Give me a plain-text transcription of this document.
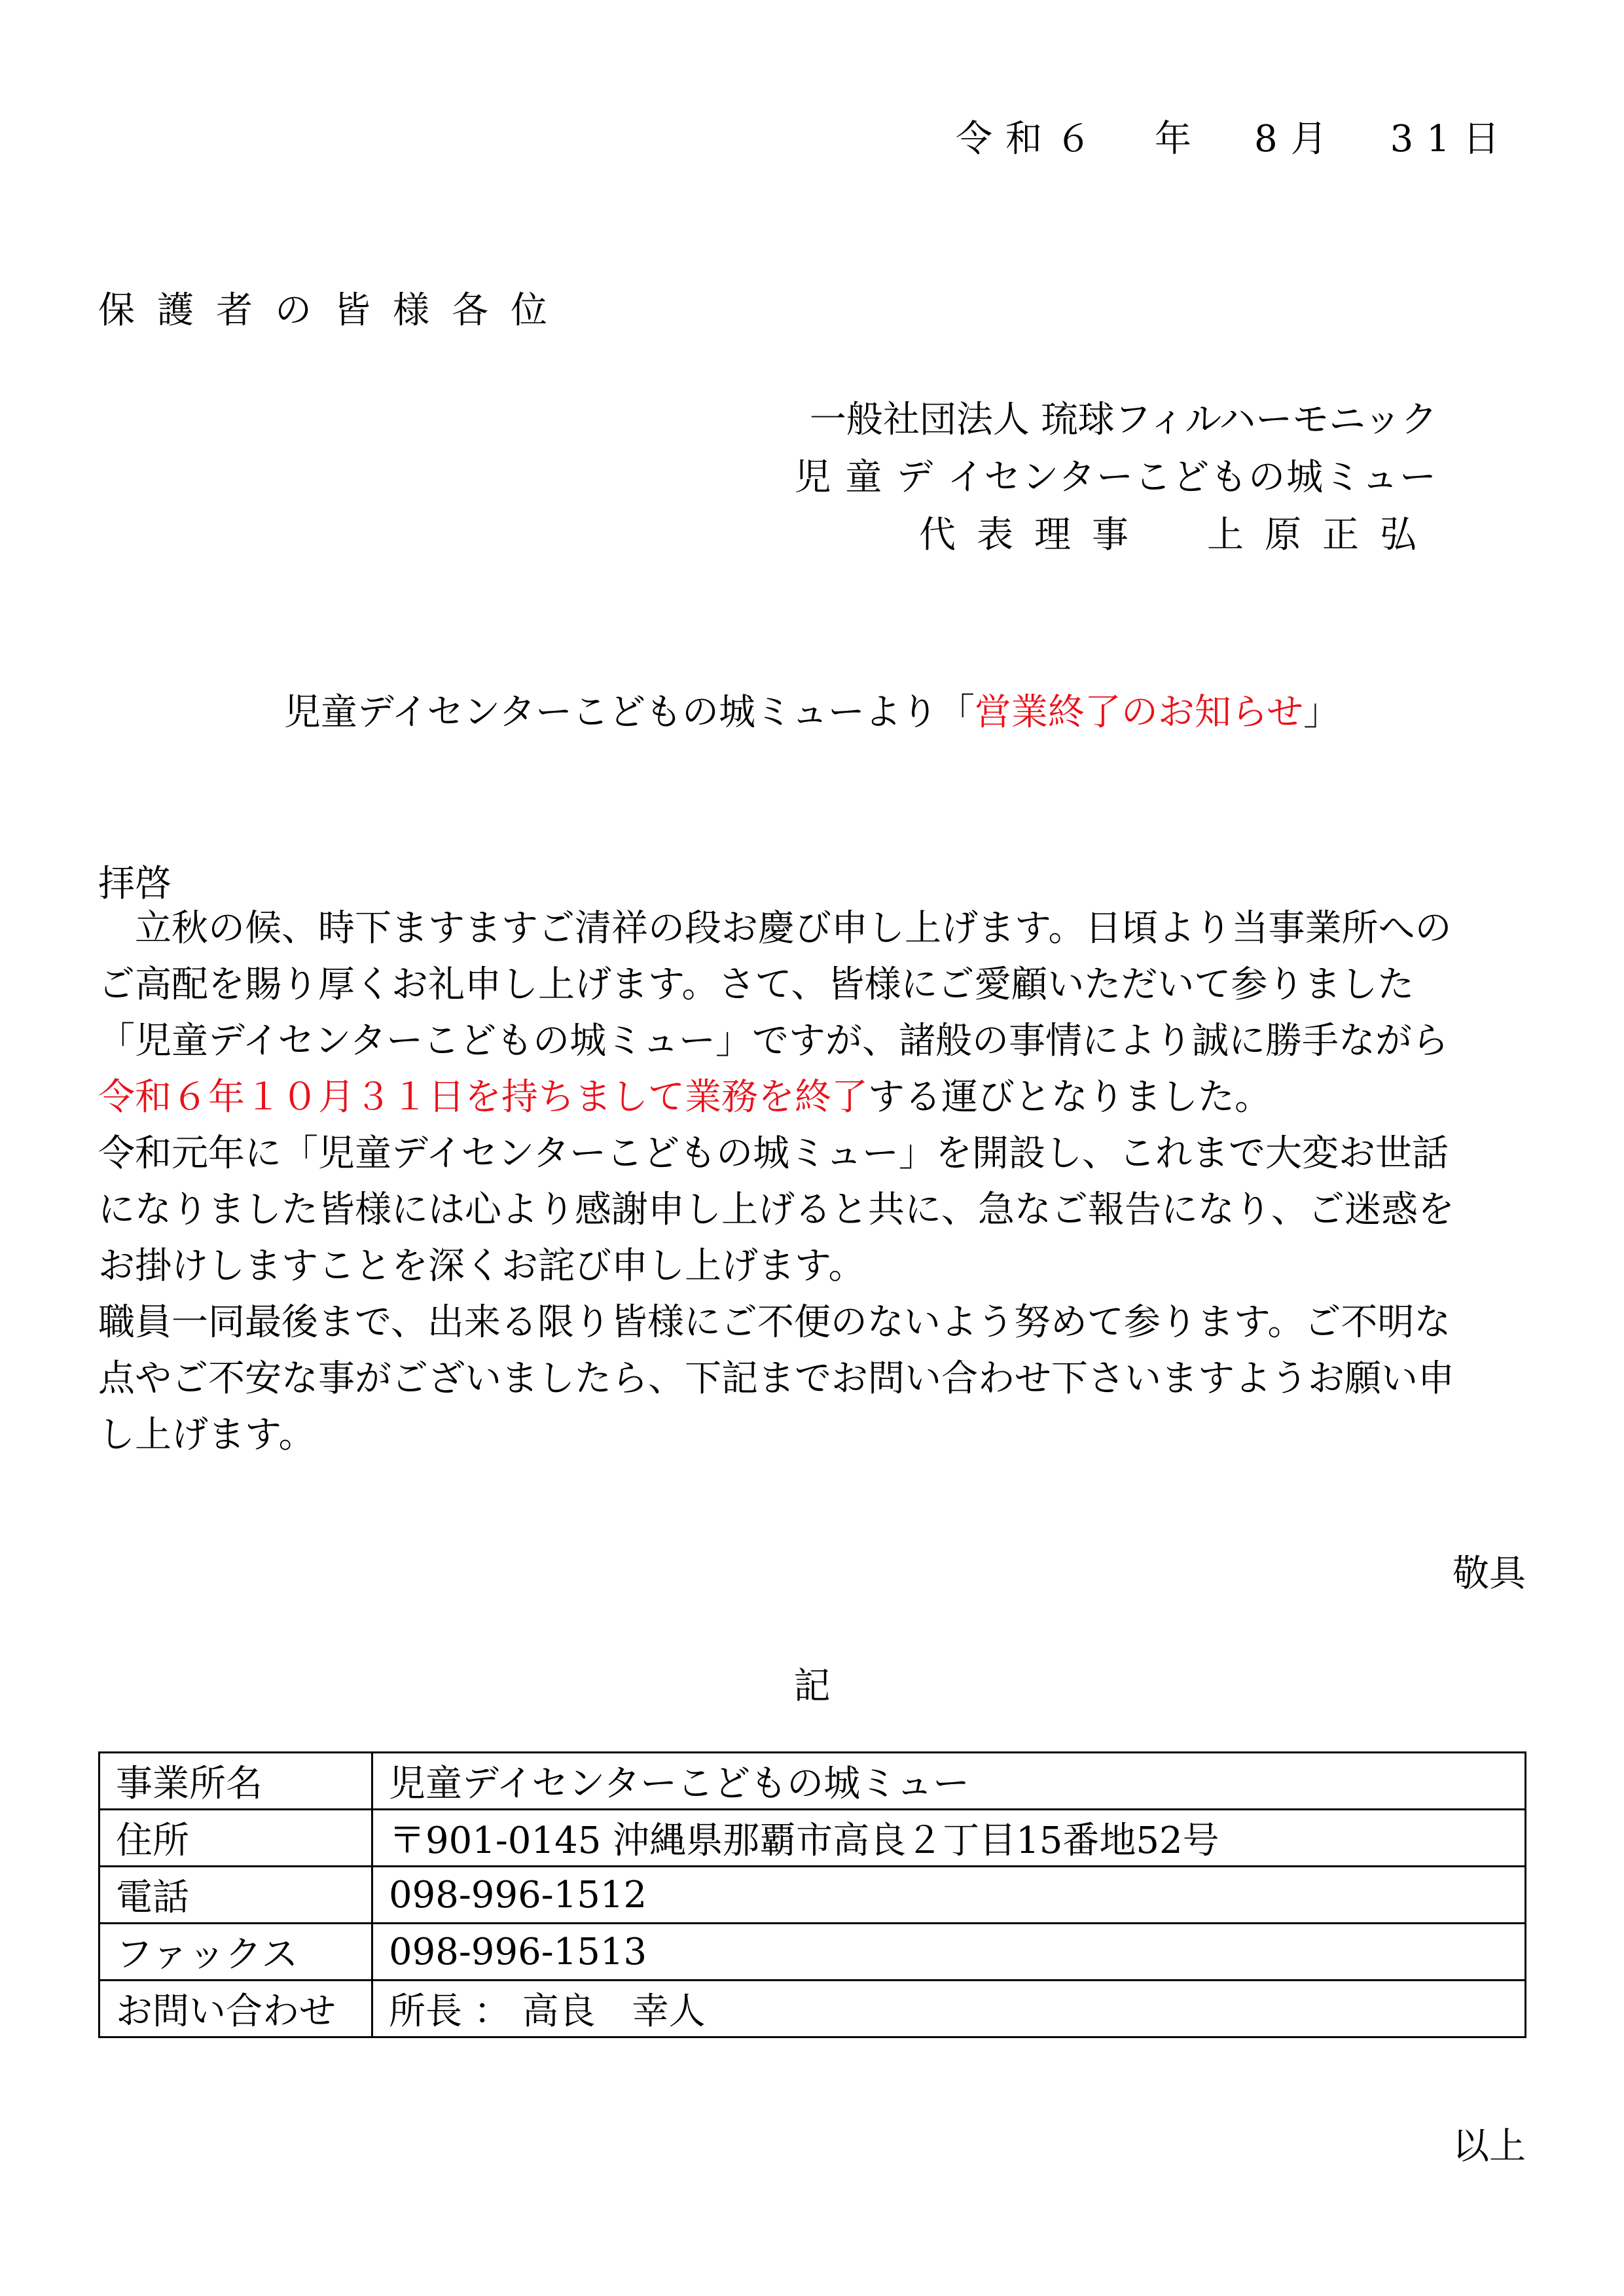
令和６　年　8月　31日
保護者の皆様各位
一般社団法人 琉球フィルハーモニック
児 童 デ イセンターこどもの城ミュー
代表理事　上原正弘
児童デイセンターこどもの城ミューより「営業終了のお知らせ」
拝啓

　立秋の候、時下ますますご清祥の段お慶び申し上げます。日頃より当事業所への

ご高配を賜り厚くお礼申し上げます。さて、皆様にご愛顧いただいて参りました

「児童デイセンターこどもの城ミュー」ですが、諸般の事情により誠に勝手ながら

令和６年１０月３１日を持ちまして業務を終了する運びとなりました。

令和元年に「児童デイセンターこどもの城ミュー」を開設し、これまで大変お世話

になりました皆様には心より感謝申し上げると共に、急なご報告になり、ご迷惑を

お掛けしますことを深くお詫び申し上げます。

職員一同最後まで、出来る限り皆様にご不便のないよう努めて参ります。ご不明な

点やご不安な事がございましたら、下記までお問い合わせ下さいますようお願い申

し上げます。

敬具
記
事業所名	児童デイセンターこどもの城ミュー
住所	〒901-0145 沖縄県那覇市高良２丁目15番地52号
電話	098-996-1512
ファックス	098-996-1513
お問い合わせ	所長 ： 高良　幸人
以上
